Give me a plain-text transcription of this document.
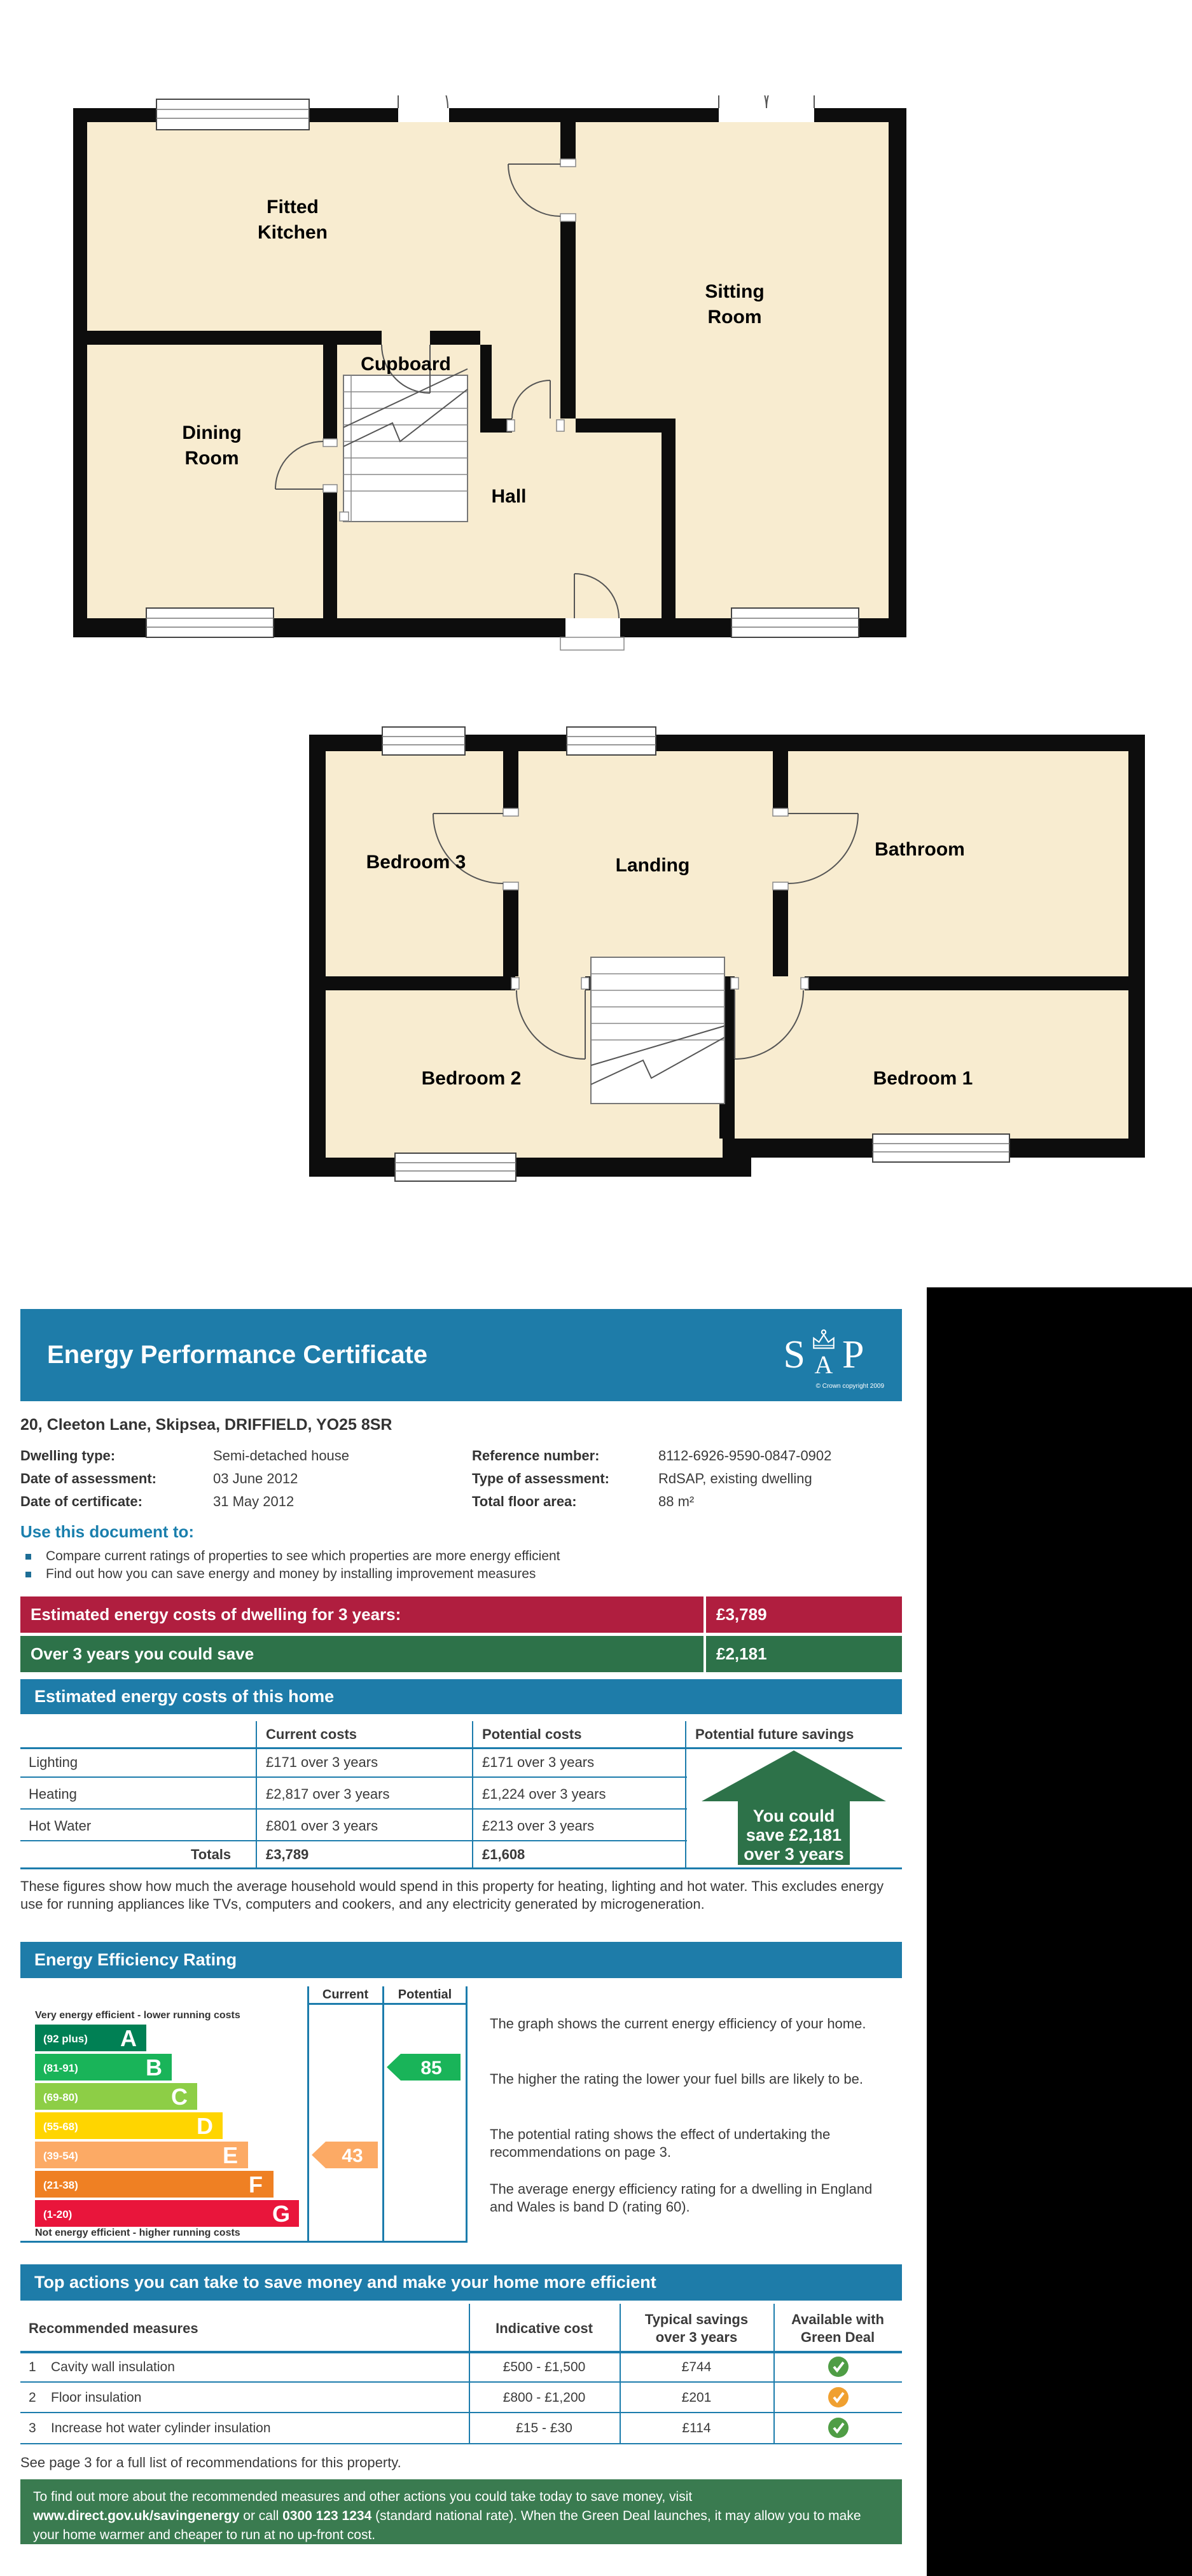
Fitted
Kitchen
Sitting
Room
Cupboard
Dining
Room
Hall
Bedroom 3	Landing
Bathroom
Bedroom 2	Bedroom 1
Energy Performance Certificate	S A P
© Crown copyright 2009
20, Cleeton Lane, Skipsea, DRIFFIELD, YO25 8SR
Dwelling type:	Semi-detached house	Reference number:	8112-6926-9590-0847-0902
Date of assessment:	03 June 2012	Type of assessment:	RdSAP, existing dwelling
Date of certificate:	31 May 2012	Total floor area:	88 m²
Use this document to:
Compare current ratings of properties to see which properties are more energy efficient
Find out how you can save energy and money by installing improvement measures
Estimated energy costs of dwelling for 3 years:	£3,789
Over 3 years you could save	£2,181
Estimated energy costs of this home
Current costs	Potential costs	Potential future savings
Lighting	£171 over 3 years	£171 over 3 years
Heating	£2,817 over 3 years	£1,224 over 3 years
Hot Water	£801 over 3 years	£213 over 3 years
Totals £3,789	£1,608
You could
save £2,181
over 3 years
These figures show how much the average household would spend in this property for heating, lighting and hot water. This excludes energy use for running appliances like TVs, computers and cookers, and any electricity generated by microgeneration.
Energy Efficiency Rating
Current Potential
Very energy efficient - lower running costs
Not energy efficient - higher running costs
(92 plus) A
(81-91)	B
(69-80)	C
(55-68)	D
(39-54)	E
(21-38)	F
(1-20)	G
43
85
The graph shows the current energy efficiency of your home.
The higher the rating the lower your fuel bills are likely to be.
The potential rating shows the effect of undertaking the recommendations on page 3.
The average energy efficiency rating for a dwelling in England and Wales is band D (rating 60).
Top actions you can take to save money and make your home more efficient
Recommended measures	Indicative cost
Typical savings
over 3 years
Available with
Green Deal
1 Cavity wall insulation	£500 - £1,500	£744
2 Floor insulation	£800 - £1,200	£201
3 Increase hot water cylinder insulation	£15 - £30	£114
See page 3 for a full list of recommendations for this property.
To find out more about the recommended measures and other actions you could take today to save money, visit www.direct.gov.uk/savingenergy or call 0300 123 1234 (standard national rate). When the Green Deal launches, it may allow you to make your home warmer and cheaper to run at no up-front cost.
